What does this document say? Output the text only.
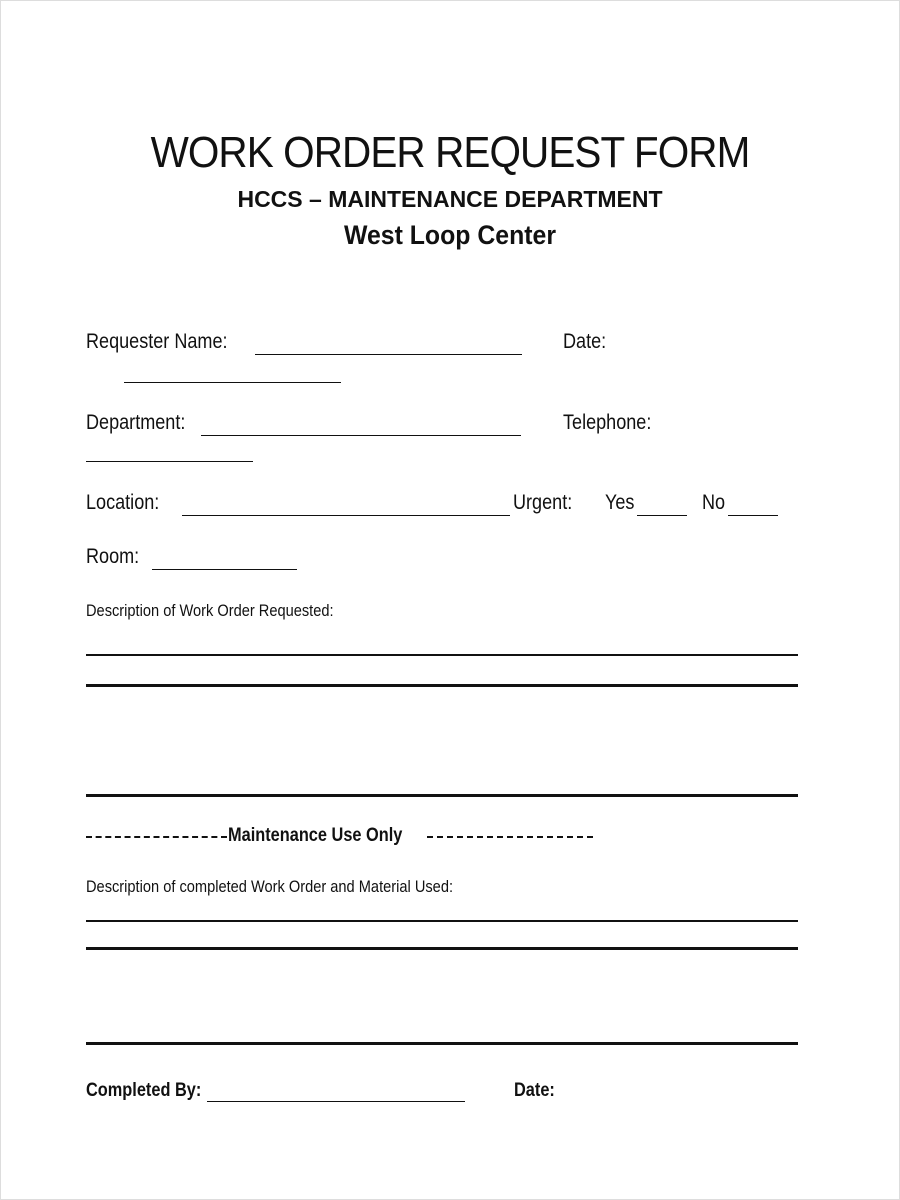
WORK ORDER REQUEST FORM
HCCS – MAINTENANCE DEPARTMENT
West Loop Center
Requester Name:	Date:
Department:	Telephone:
Location:	Urgent: Yes	No
Room:
Description of Work Order Requested:
Maintenance Use Only
Description of completed Work Order and Material Used:
Completed By:	Date:
